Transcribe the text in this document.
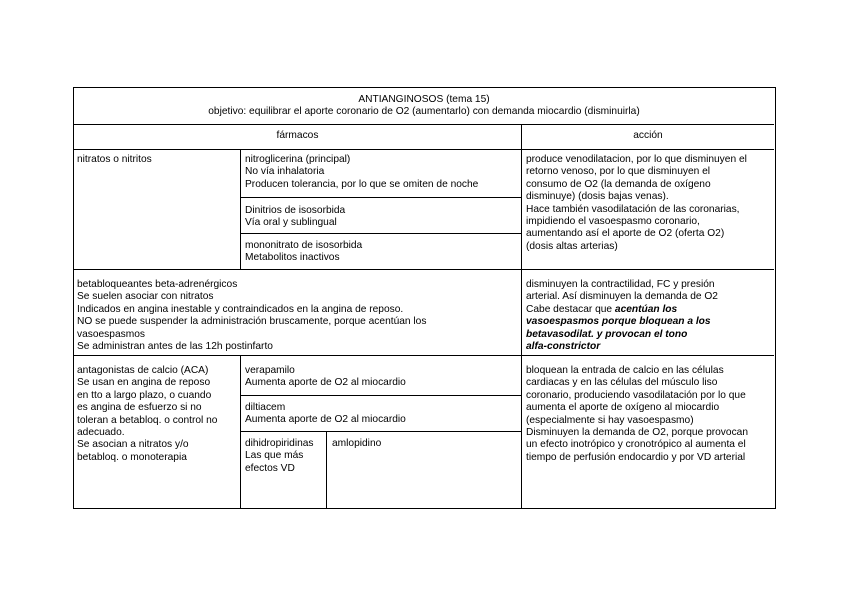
ANTIANGINOSOS (tema 15)
objetivo: equilibrar el aporte coronario de O2 (aumentarlo) con demanda miocardio (disminuirla)
fármacos	acción
nitratos o nitritos	nitroglicerina (principal)
No vía inhalatoria
Producen tolerancia, por lo que se omiten de noche
Dinitrios de isosorbida
Vía oral y sublingual
mononitrato de isosorbida
Metabolitos inactivos
produce venodilatacion, por lo que disminuyen el
retorno venoso, por lo que disminuyen el
consumo de O2 (la demanda de oxígeno
disminuye) (dosis bajas venas).
Hace también vasodilatación de las coronarias,
impidiendo el vasoespasmo coronario,
aumentando así el aporte de O2 (oferta O2)
(dosis altas arterias)
betabloqueantes beta-adrenérgicos
Se suelen asociar con nitratos
Indicados en angina inestable y contraindicados en la angina de reposo.
NO se puede suspender la administración bruscamente, porque acentúan los
vasoespasmos
Se administran antes de las 12h postinfarto
disminuyen la contractilidad, FC y presión
arterial. Así disminuyen la demanda de O2
Cabe destacar que acentúan los
vasoespasmos porque bloquean a los
betavasodilat. y provocan el tono
alfa-constrictor
antagonistas de calcio (ACA)
Se usan en angina de reposo
en tto a largo plazo, o cuando
es angina de esfuerzo si no
toleran a betabloq. o control no
adecuado.
Se asocian a nitratos y/o
betabloq. o monoterapia
verapamilo
Aumenta aporte de O2 al miocardio
diltiacem
Aumenta aporte de O2 al miocardio
dihidropiridinas
Las que más
efectos VD
amlopidino
bloquean la entrada de calcio en las células
cardiacas y en las células del músculo liso
coronario, produciendo vasodilatación por lo que
aumenta el aporte de oxígeno al miocardio
(especialmente si hay vasoespasmo)
Disminuyen la demanda de O2, porque provocan
un efecto inotrópico y cronotrópico al aumenta el
tiempo de perfusión endocardio y por VD arterial
